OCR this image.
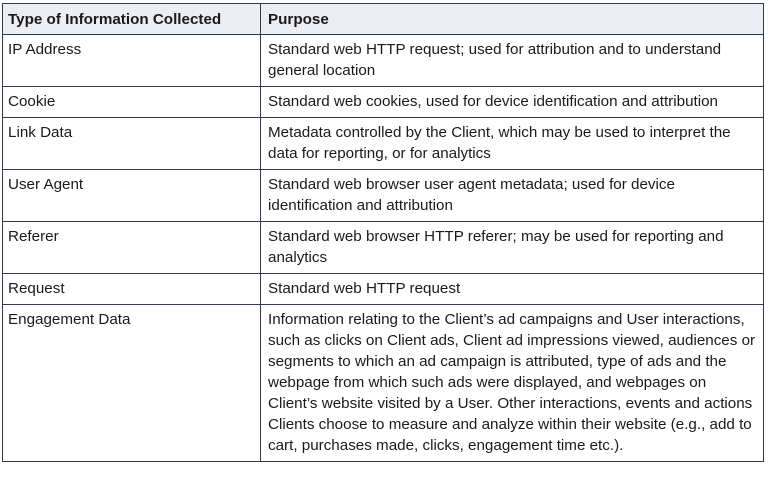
Type of Information Collected	Purpose
IP Address	Standard web HTTP request; used for attribution and to understand general location
Cookie	Standard web cookies, used for device identification and attribution
Link Data	Metadata controlled by the Client, which may be used to interpret the data for reporting, or for analytics
User Agent	Standard web browser user agent metadata; used for device identification and attribution
Referer	Standard web browser HTTP referer; may be used for reporting and analytics
Request	Standard web HTTP request
Engagement Data	Information relating to the Client’s ad campaigns and User interactions, such as clicks on Client ads, Client ad impressions viewed, audiences or segments to which an ad campaign is attributed, type of ads and the webpage from which such ads were displayed, and webpages on Client’s website visited by a User. Other interactions, events and actions Clients choose to measure and analyze within their website (e.g., add to cart, purchases made, clicks, engagement time etc.).
